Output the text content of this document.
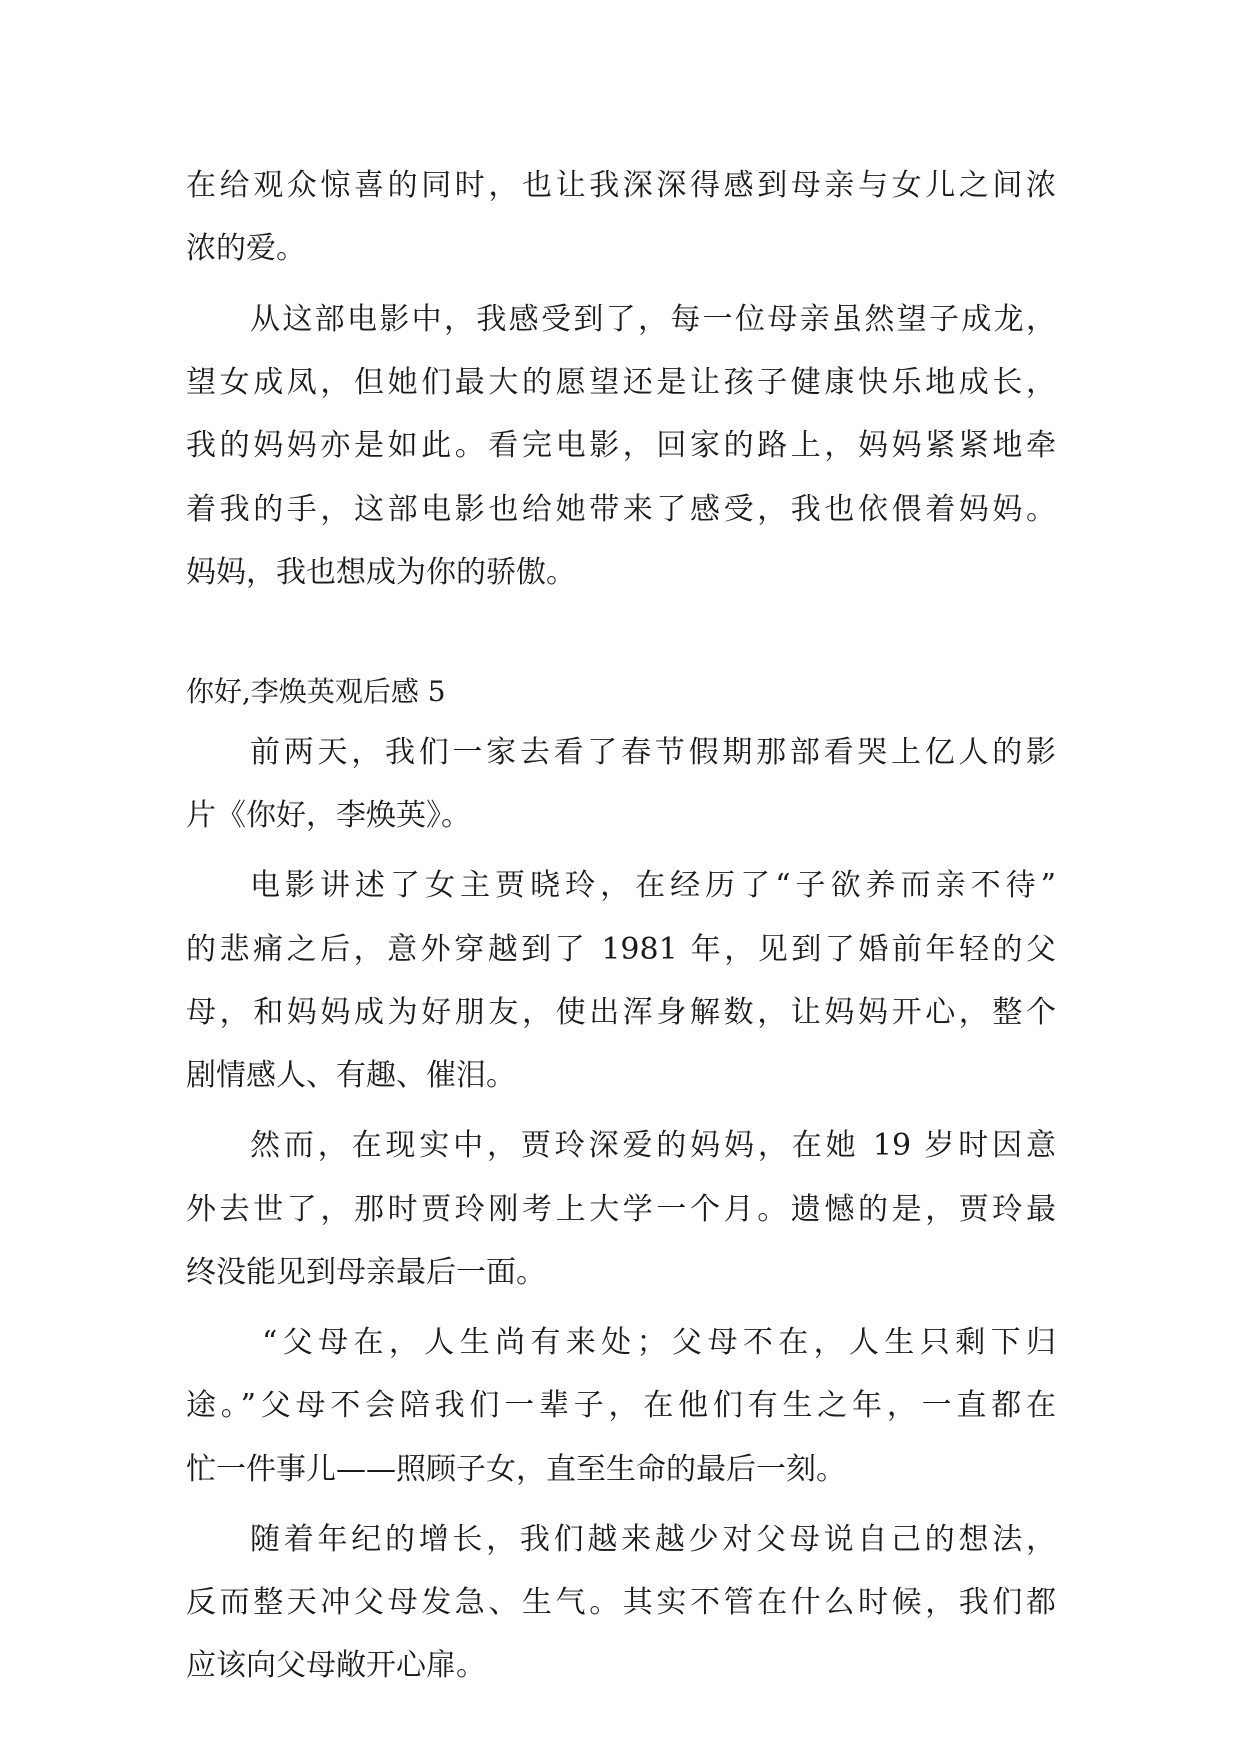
在给观众惊喜的同时，也让我深深得感到母亲与女儿之间浓

浓的爱。

从这部电影中，我感受到了，每一位母亲虽然望子成龙，

望女成凤，但她们最大的愿望还是让孩子健康快乐地成长，

我的妈妈亦是如此。看完电影，回家的路上，妈妈紧紧地牵

着我的手，这部电影也给她带来了感受，我也依偎着妈妈。

妈妈，我也想成为你的骄傲。

你好,李焕英观后感 5

前两天，我们一家去看了春节假期那部看哭上亿人的影

片《你好，李焕英》。

电影讲述了女主贾晓玲，在经历了“子欲养而亲不待”

的悲痛之后，意外穿越到了 1981 年，见到了婚前年轻的父

母，和妈妈成为好朋友，使出浑身解数，让妈妈开心，整个

剧情感人、有趣、催泪。

然而，在现实中，贾玲深爱的妈妈，在她 19 岁时因意

外去世了，那时贾玲刚考上大学一个月。遗憾的是，贾玲最

终没能见到母亲最后一面。

“父母在，人生尚有来处；父母不在，人生只剩下归

途。”父母不会陪我们一辈子，在他们有生之年，一直都在

忙一件事儿——照顾子女，直至生命的最后一刻。

随着年纪的增长，我们越来越少对父母说自己的想法，

反而整天冲父母发急、生气。其实不管在什么时候，我们都

应该向父母敞开心扉。
